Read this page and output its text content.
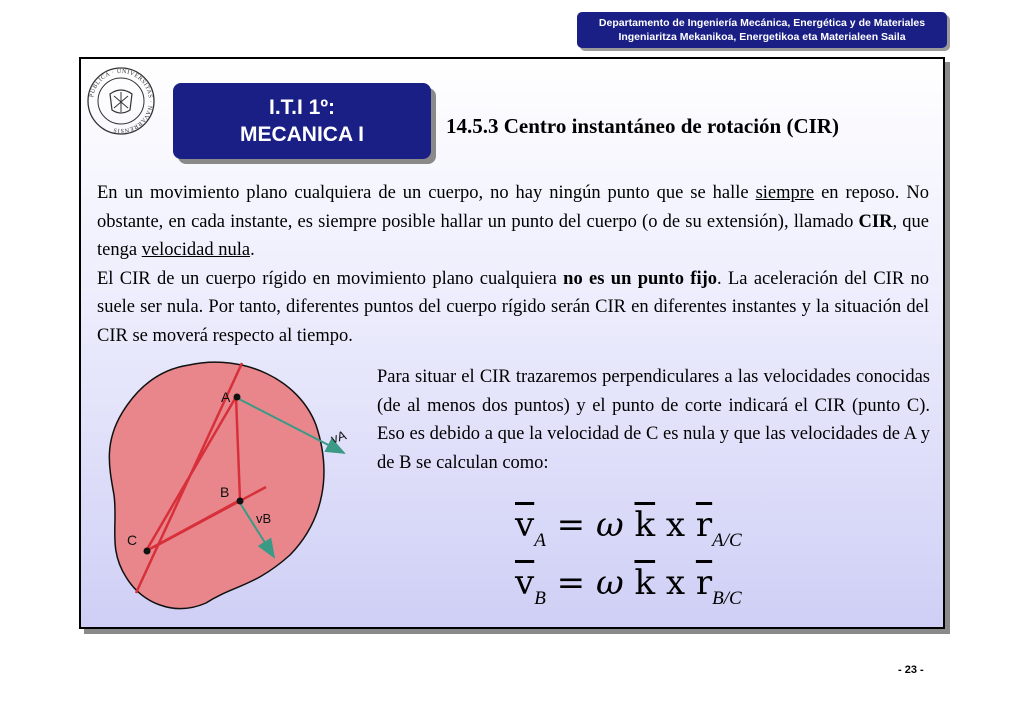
Departamento de Ingeniería Mecánica, Energética y de Materiales
Ingeniaritza Mekanikoa, Energetikoa eta Materialeen Saila
PUBLICA · UNIVERSITAS · NAVARRENSIS
I.T.I 1º:
MECANICA I	14.5.3 Centro instantáneo de rotación (CIR)

En un movimiento plano cualquiera de un cuerpo, no hay ningún punto que se halle siempre en reposo. No obstante, en cada instante, es siempre posible hallar un punto del cuerpo (o de su extensión), llamado CIR, que tenga velocidad nula.

El CIR de un cuerpo rígido en movimiento plano cualquiera no es un punto fijo. La aceleración del CIR no suele ser nula. Por tanto, diferentes puntos del cuerpo rígido serán CIR en diferentes instantes y la situación del CIR se moverá respecto al tiempo.

A
B
C
vA
vB
Para situar el CIR trazaremos perpendiculares a las velocidades conocidas (de al menos dos puntos) y el punto de corte indicará el CIR (punto C). Eso es debido a que la velocidad de C es nula y que las velocidades de A y de B se calculan como:
$\overline{v}_A = \omega$ $\overline{k}$ x $\overline{r}_{A/C}$
$\overline{v}_B = \omega$ $\overline{k}$ x $\overline{r}_{B/C}$
- 23 -
